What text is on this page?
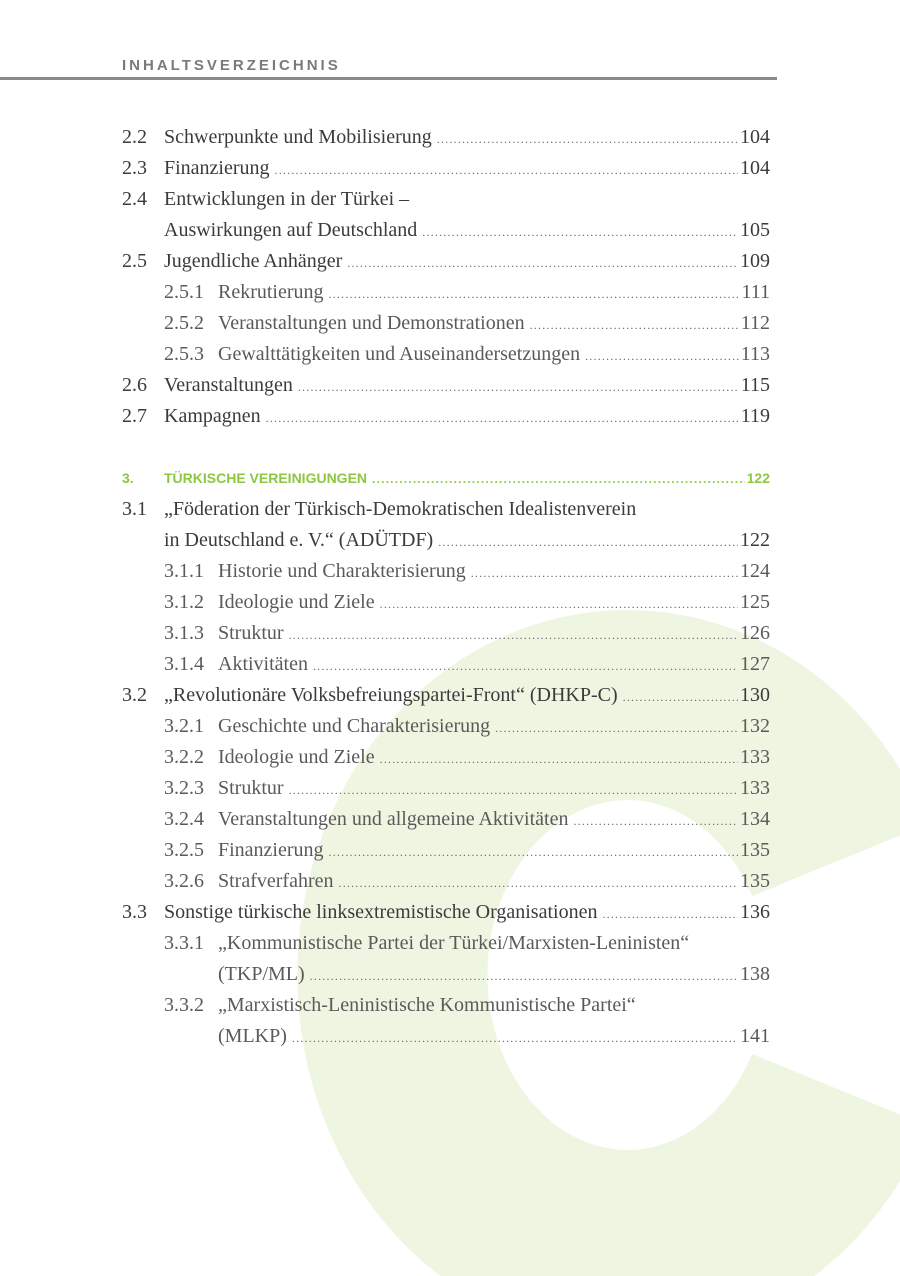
INHALTSVERZEICHNIS
2.2 Schwerpunkte und Mobilisierung .....	104
2.3 Finanzierung .....	104
2.4 Entwicklungen in der Türkei –
Auswirkungen auf Deutschland .....	105
2.5 Jugendliche Anhänger .....	109
2.5.1 Rekrutierung .....	111
2.5.2 Veranstaltungen und Demonstrationen .....	112
2.5.3 Gewalttätigkeiten und Auseinandersetzungen .....	113
2.6 Veranstaltungen .....	115
2.7 Kampagnen .....	119
3.	TÜRKISCHE VEREINIGUNGEN .....	122
3.1 „Föderation der Türkisch-Demokratischen Idealistenverein
in Deutschland e. V.“ (ADÜTDF) .....	122
3.1.1 Historie und Charakterisierung .....	124
3.1.2 Ideologie und Ziele .....	125
3.1.3 Struktur .....	126
3.1.4 Aktivitäten .....	127
3.2 „Revolutionäre Volksbefreiungspartei-Front“ (DHKP-C) .....	130
3.2.1 Geschichte und Charakterisierung .....	132
3.2.2 Ideologie und Ziele .....	133
3.2.3 Struktur .....	133
3.2.4 Veranstaltungen und allgemeine Aktivitäten .....	134
3.2.5 Finanzierung .....	135
3.2.6 Strafverfahren .....	135
3.3 Sonstige türkische linksextremistische Organisationen .....	136
3.3.1 „Kommunistische Partei der Türkei/Marxisten-Leninisten“
(TKP/ML) .....	138
3.3.2 „Marxistisch-Leninistische Kommunistische Partei“
(MLKP) .....	141
